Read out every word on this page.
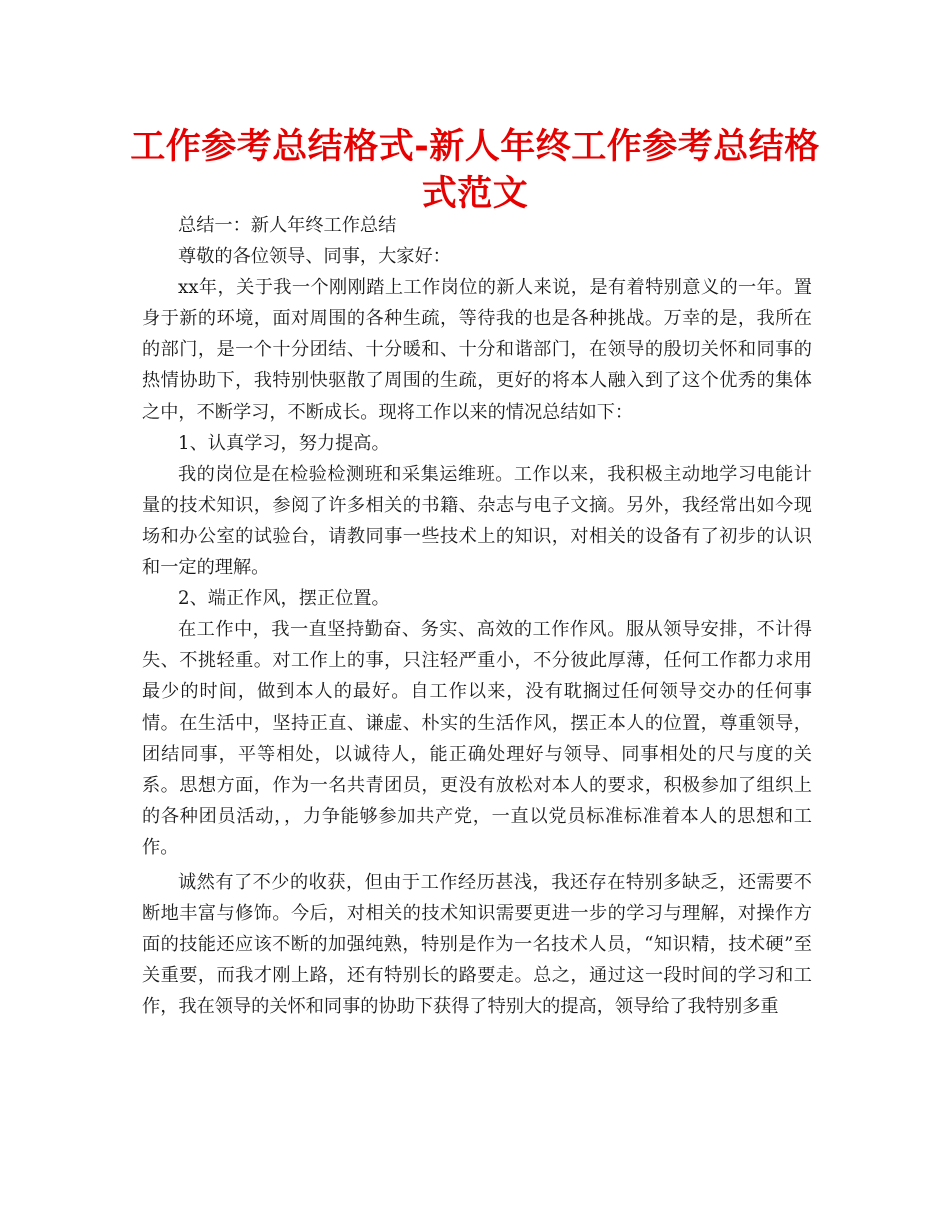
工作参考总结格式-新人年终工作参考总结格式范文

总结一：新人年终工作总结

尊敬的各位领导、同事，大家好：

xx年，关于我一个刚刚踏上工作岗位的新人来说，是有着特别意义的一年。置身于新的环境，面对周围的各种生疏，等待我的也是各种挑战。万幸的是，我所在的部门，是一个十分团结、十分暖和、十分和谐部门，在领导的殷切关怀和同事的热情协助下，我特别快驱散了周围的生疏，更好的将本人融入到了这个优秀的集体之中，不断学习，不断成长。现将工作以来的情况总结如下：

1、认真学习，努力提高。

我的岗位是在检验检测班和采集运维班。工作以来，我积极主动地学习电能计量的技术知识，参阅了许多相关的书籍、杂志与电子文摘。另外，我经常出如今现场和办公室的试验台，请教同事一些技术上的知识，对相关的设备有了初步的认识和一定的理解。

2、端正作风，摆正位置。

在工作中，我一直坚持勤奋、务实、高效的工作作风。服从领导安排，不计得失、不挑轻重。对工作上的事，只注轻严重小，不分彼此厚薄，任何工作都力求用最少的时间，做到本人的最好。自工作以来，没有耽搁过任何领导交办的任何事情。在生活中，坚持正直、谦虚、朴实的生活作风，摆正本人的位置，尊重领导，团结同事，平等相处，以诚待人，能正确处理好与领导、同事相处的尺与度的关系。思想方面，作为一名共青团员，更没有放松对本人的要求，积极参加了组织上的各种团员活动，，力争能够参加共产党，一直以党员标准标准着本人的思想和工作。

诚然有了不少的收获，但由于工作经历甚浅，我还存在特别多缺乏，还需要不断地丰富与修饰。今后，对相关的技术知识需要更进一步的学习与理解，对操作方面的技能还应该不断的加强纯熟，特别是作为一名技术人员，“知识精，技术硬”至关重要，而我才刚上路，还有特别长的路要走。总之，通过这一段时间的学习和工作，我在领导的关怀和同事的协助下获得了特别大的提高，领导给了我特别多重
